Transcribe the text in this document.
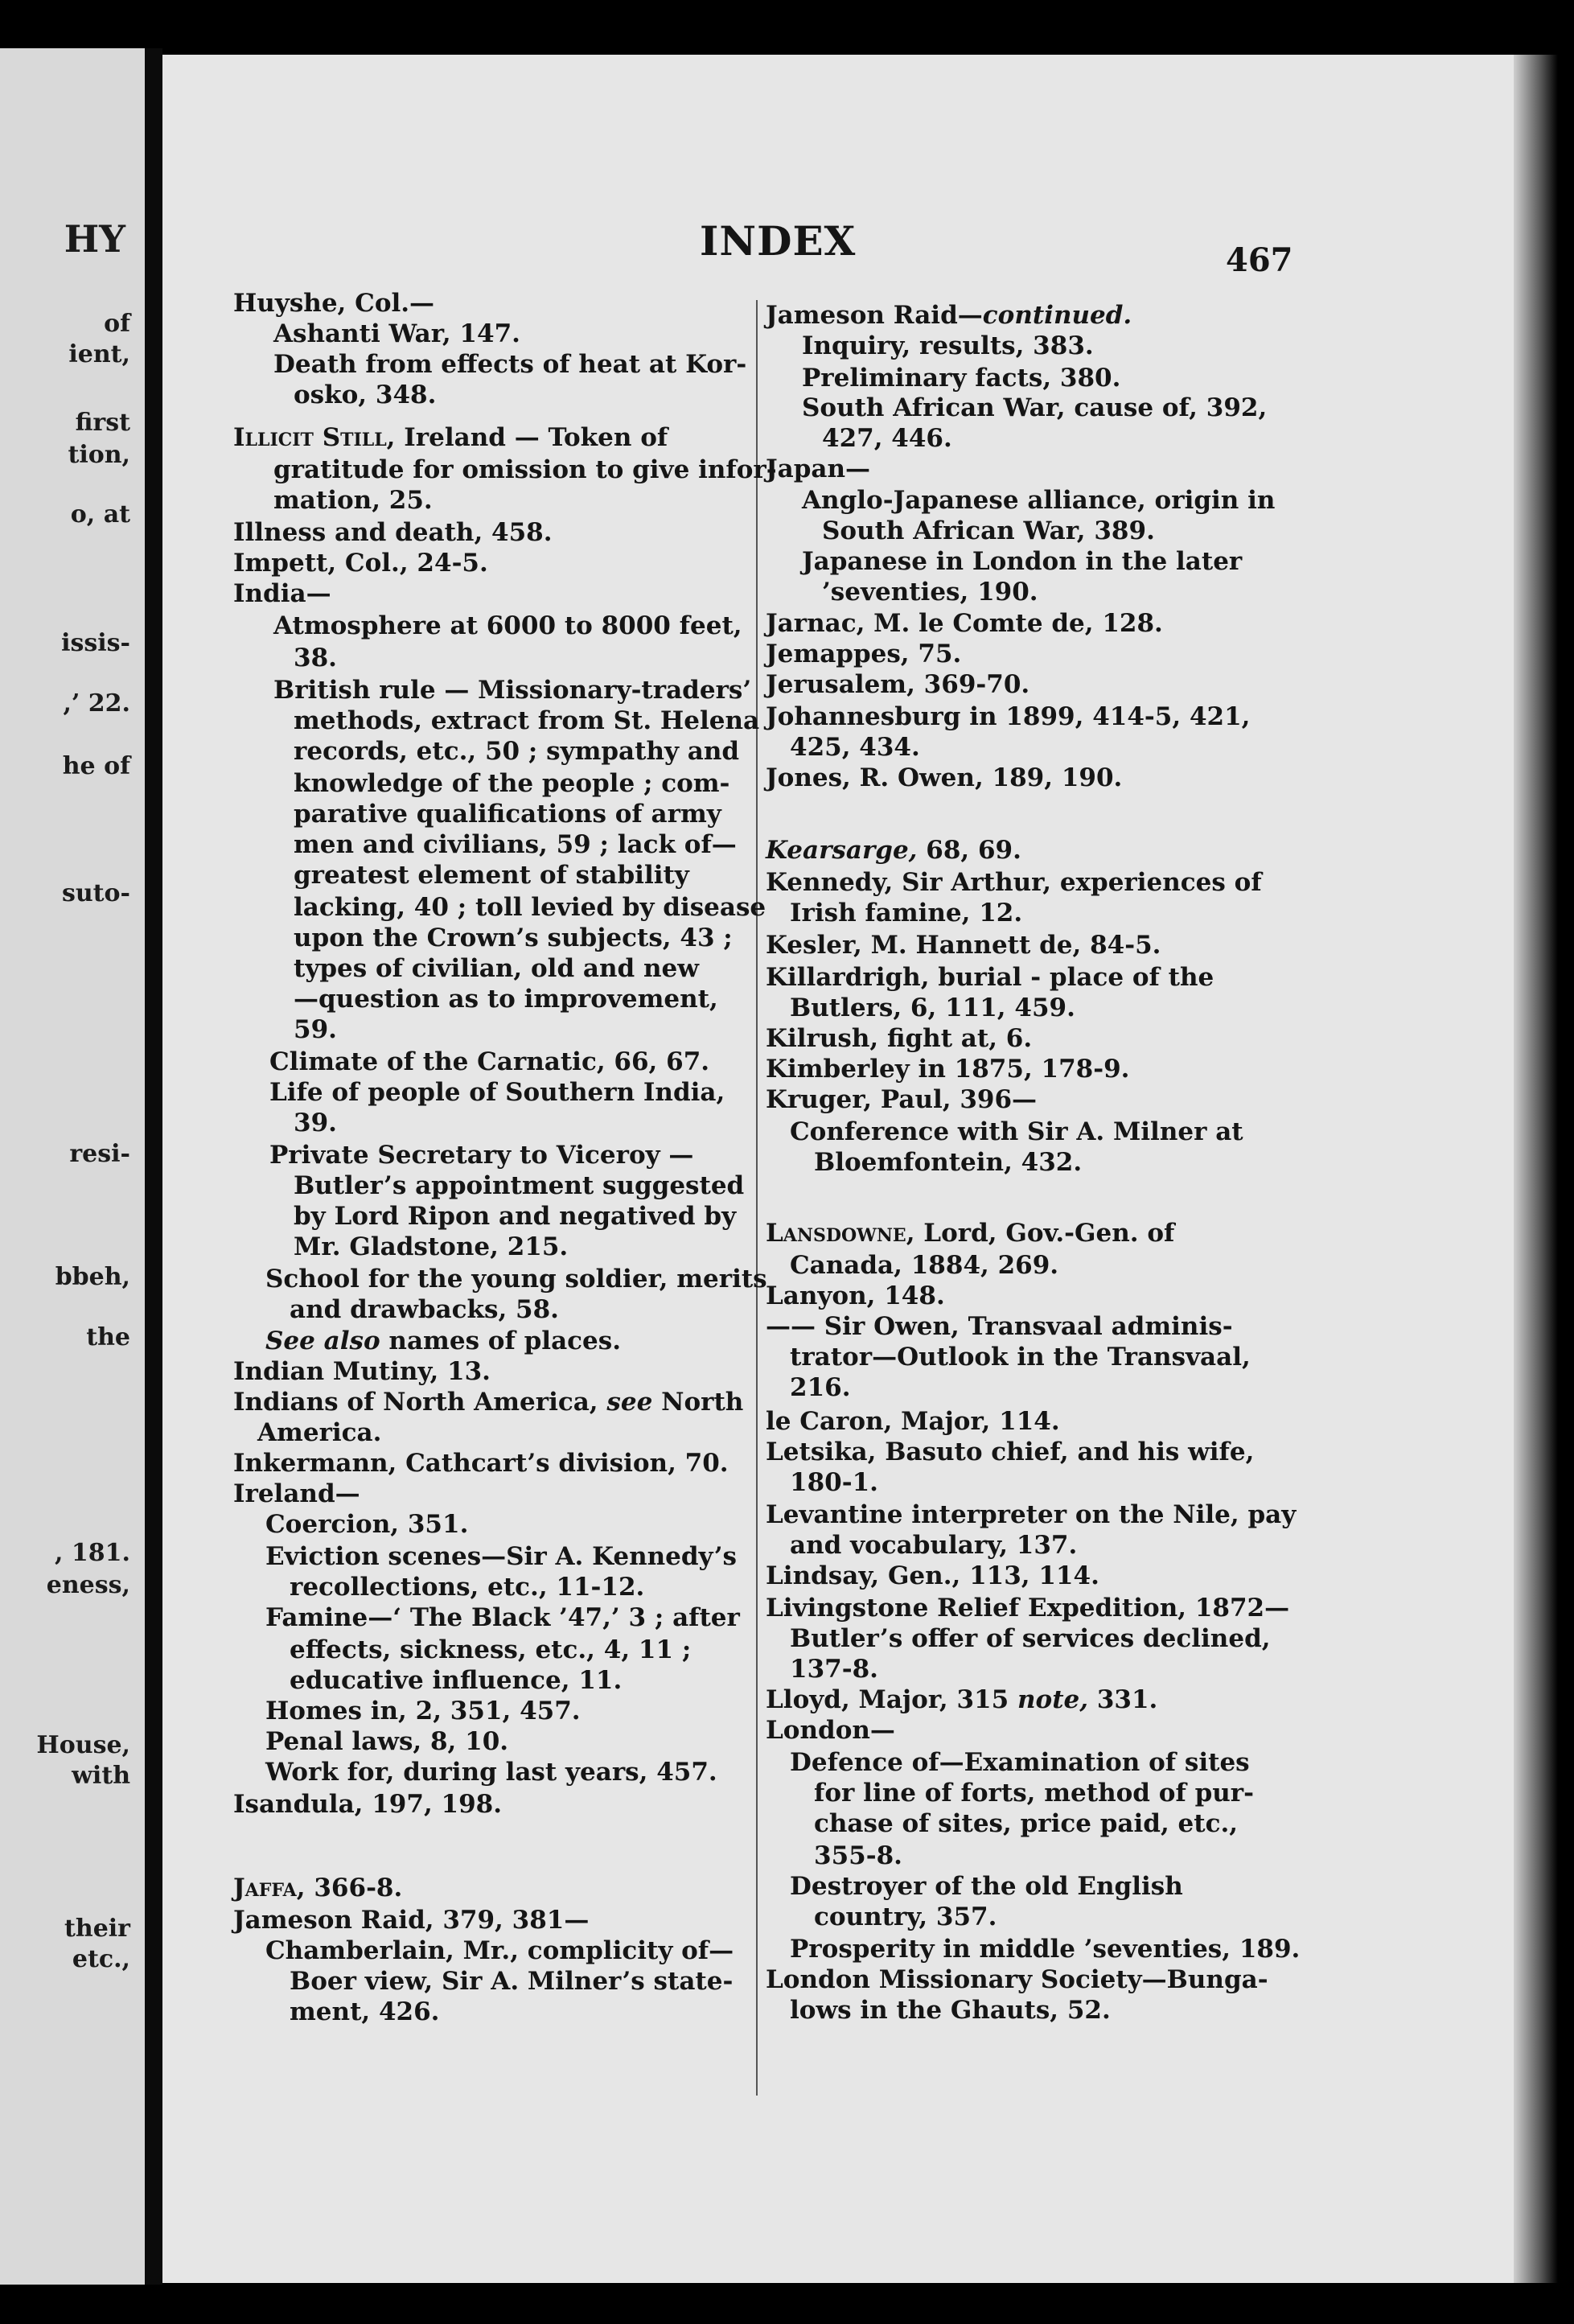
HY
of
ient,
first
tion,
o, at
issis-
,’ 22.
he of
suto-
resi-
bbeh,
the
, 181.
eness,
House,
with
their
etc.,
INDEX	467
Huyshe, Col.—
Ashanti War, 147.
Death from effects of heat at Kor-
osko, 348.
Illicit Still, Ireland — Token of
gratitude for omission to give infor-
mation, 25.
Illness and death, 458.
Impett, Col., 24-5.
India—
Atmosphere at 6000 to 8000 feet,
38.
British rule — Missionary-traders’
methods, extract from St. Helena
records, etc., 50 ; sympathy and
knowledge of the people ; com-
parative qualifications of army
men and civilians, 59 ; lack of—
greatest element of stability
lacking, 40 ; toll levied by disease
upon the Crown’s subjects, 43 ;
types of civilian, old and new
—question as to improvement,
59.
Climate of the Carnatic, 66, 67.
Life of people of Southern India,
39.
Private Secretary to Viceroy —
Butler’s appointment suggested
by Lord Ripon and negatived by
Mr. Gladstone, 215.
School for the young soldier, merits
and drawbacks, 58.
See also names of places.
Indian Mutiny, 13.
Indians of North America, see North
America.
Inkermann, Cathcart’s division, 70.
Ireland—
Coercion, 351.
Eviction scenes—Sir A. Kennedy’s
recollections, etc., 11-12.
Famine—‘ The Black ’47,’ 3 ; after
effects, sickness, etc., 4, 11 ;
educative influence, 11.
Homes in, 2, 351, 457.
Penal laws, 8, 10.
Work for, during last years, 457.
Isandula, 197, 198.
Jaffa, 366-8.
Jameson Raid, 379, 381—
Chamberlain, Mr., complicity of—
Boer view, Sir A. Milner’s state-
ment, 426.
Jameson Raid—continued.
Inquiry, results, 383.
Preliminary facts, 380.
South African War, cause of, 392,
427, 446.
Japan—
Anglo-Japanese alliance, origin in
South African War, 389.
Japanese in London in the later
’seventies, 190.
Jarnac, M. le Comte de, 128.
Jemappes, 75.
Jerusalem, 369-70.
Johannesburg in 1899, 414-5, 421,
425, 434.
Jones, R. Owen, 189, 190.
Kearsarge, 68, 69.
Kennedy, Sir Arthur, experiences of
Irish famine, 12.
Kesler, M. Hannett de, 84-5.
Killardrigh, burial - place of the
Butlers, 6, 111, 459.
Kilrush, fight at, 6.
Kimberley in 1875, 178-9.
Kruger, Paul, 396—
Conference with Sir A. Milner at
Bloemfontein, 432.
Lansdowne, Lord, Gov.-Gen. of
Canada, 1884, 269.
Lanyon, 148.
—— Sir Owen, Transvaal adminis-
trator—Outlook in the Transvaal,
216.
le Caron, Major, 114.
Letsika, Basuto chief, and his wife,
180-1.
Levantine interpreter on the Nile, pay
and vocabulary, 137.
Lindsay, Gen., 113, 114.
Livingstone Relief Expedition, 1872—
Butler’s offer of services declined,
137-8.
Lloyd, Major, 315 note, 331.
London—
Defence of—Examination of sites
for line of forts, method of pur-
chase of sites, price paid, etc.,
355-8.
Destroyer of the old English
country, 357.
Prosperity in middle ’seventies, 189.
London Missionary Society—Bunga-
lows in the Ghauts, 52.
